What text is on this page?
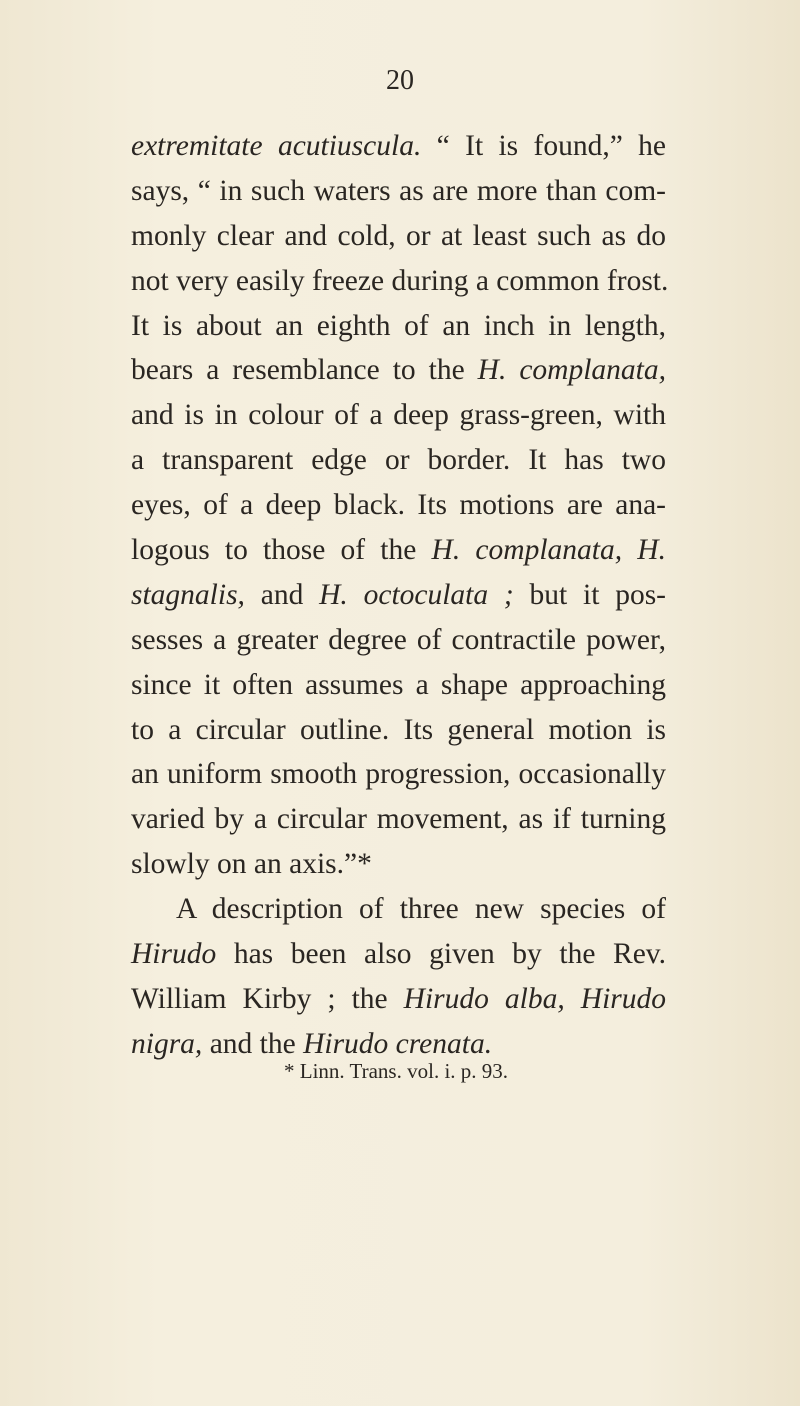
20
extremitate acutiuscula. “ It is found,” he
says, “ in such waters as are more than com-
monly clear and cold, or at least such as do
not very easily freeze during a common frost.
It is about an eighth of an inch in length,
bears a resemblance to the H. complanata,
and is in colour of a deep grass-green, with
a transparent edge or border. It has two
eyes, of a deep black. Its motions are ana-
logous to those of the H. complanata, H.
stagnalis, and H. octoculata ; but it pos-
sesses a greater degree of contractile power,
since it often assumes a shape approaching
to a circular outline. Its general motion is
an uniform smooth progression, occasionally
varied by a circular movement, as if turning
slowly on an axis.”*
A description of three new species of
Hirudo has been also given by the Rev.
William Kirby ; the Hirudo alba, Hirudo
nigra, and the Hirudo crenata.
* Linn. Trans. vol. i. p. 93.
